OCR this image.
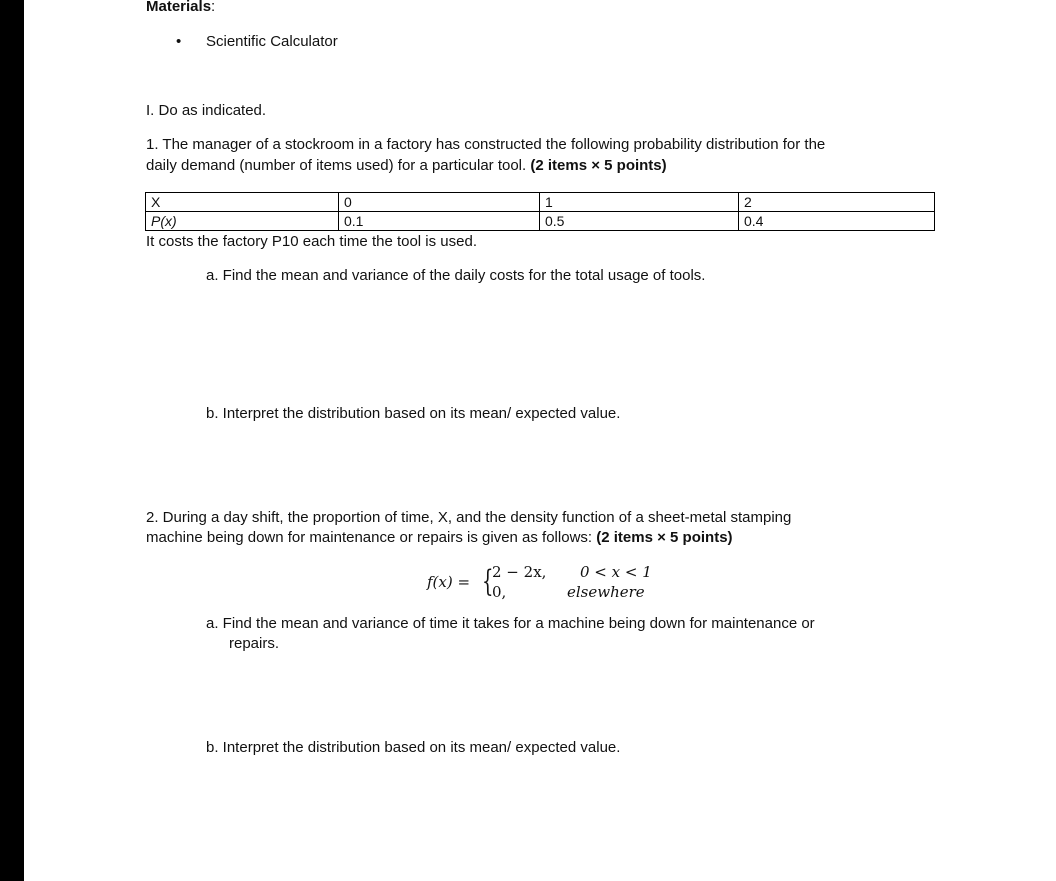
Materials:
• Scientific Calculator
I. Do as indicated.
1. The manager of a stockroom in a factory has constructed the following probability distribution for the
daily demand (number of items used) for a particular tool. (2 items × 5 points)
X	0	1	2
P(x)	0.1	0.5	0.4
It costs the factory P10 each time the tool is used.
a. Find the mean and variance of the daily costs for the total usage of tools.
b. Interpret the distribution based on its mean/ expected value.
2. During a day shift, the proportion of time, X, and the density function of a sheet-metal stamping
machine being down for maintenance or repairs is given as follows: (2 items × 5 points)
f(x) = {
2 − 2x,
0,
0 < x < 1
elsewhere
a. Find the mean and variance of time it takes for a machine being down for maintenance or
repairs.
b. Interpret the distribution based on its mean/ expected value.
